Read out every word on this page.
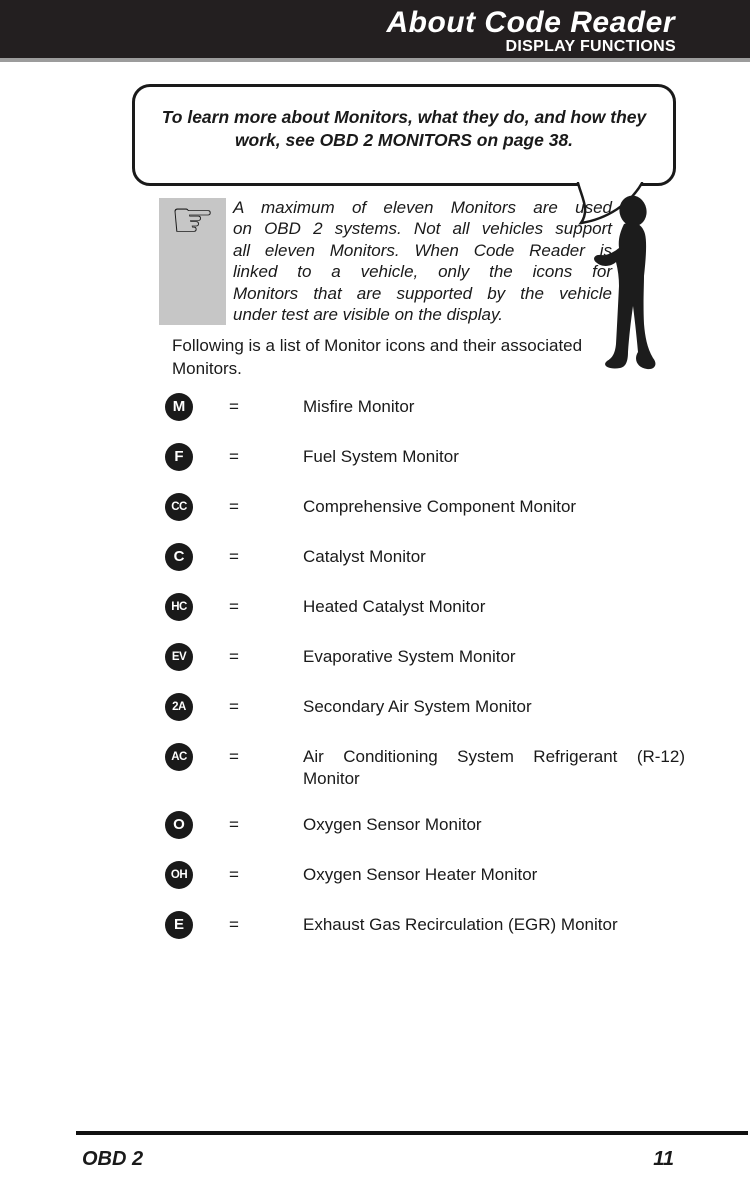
About Code Reader
DISPLAY FUNCTIONS
To learn more about Monitors, what they do, and how they
work, see OBD 2 MONITORS on page 38.
☞	A maximum of eleven Monitors are used
on OBD 2 systems. Not all vehicles support
all eleven Monitors. When Code Reader is
linked to a vehicle, only the icons for
Monitors that are supported by the vehicle
under test are visible on the display.
Following is a list of Monitor icons and their associated
Monitors.
M	=	Misfire Monitor
F	=	Fuel System Monitor
CC	=	Comprehensive Component Monitor
C	=	Catalyst Monitor
HC	=	Heated Catalyst Monitor
EV	=	Evaporative System Monitor
2A	=	Secondary Air System Monitor
AC	=	Air Conditioning System Refrigerant (R-12) Monitor
O	=	Oxygen Sensor Monitor
OH	=	Oxygen Sensor Heater Monitor
E	=	Exhaust Gas Recirculation (EGR) Monitor
OBD 2	11
